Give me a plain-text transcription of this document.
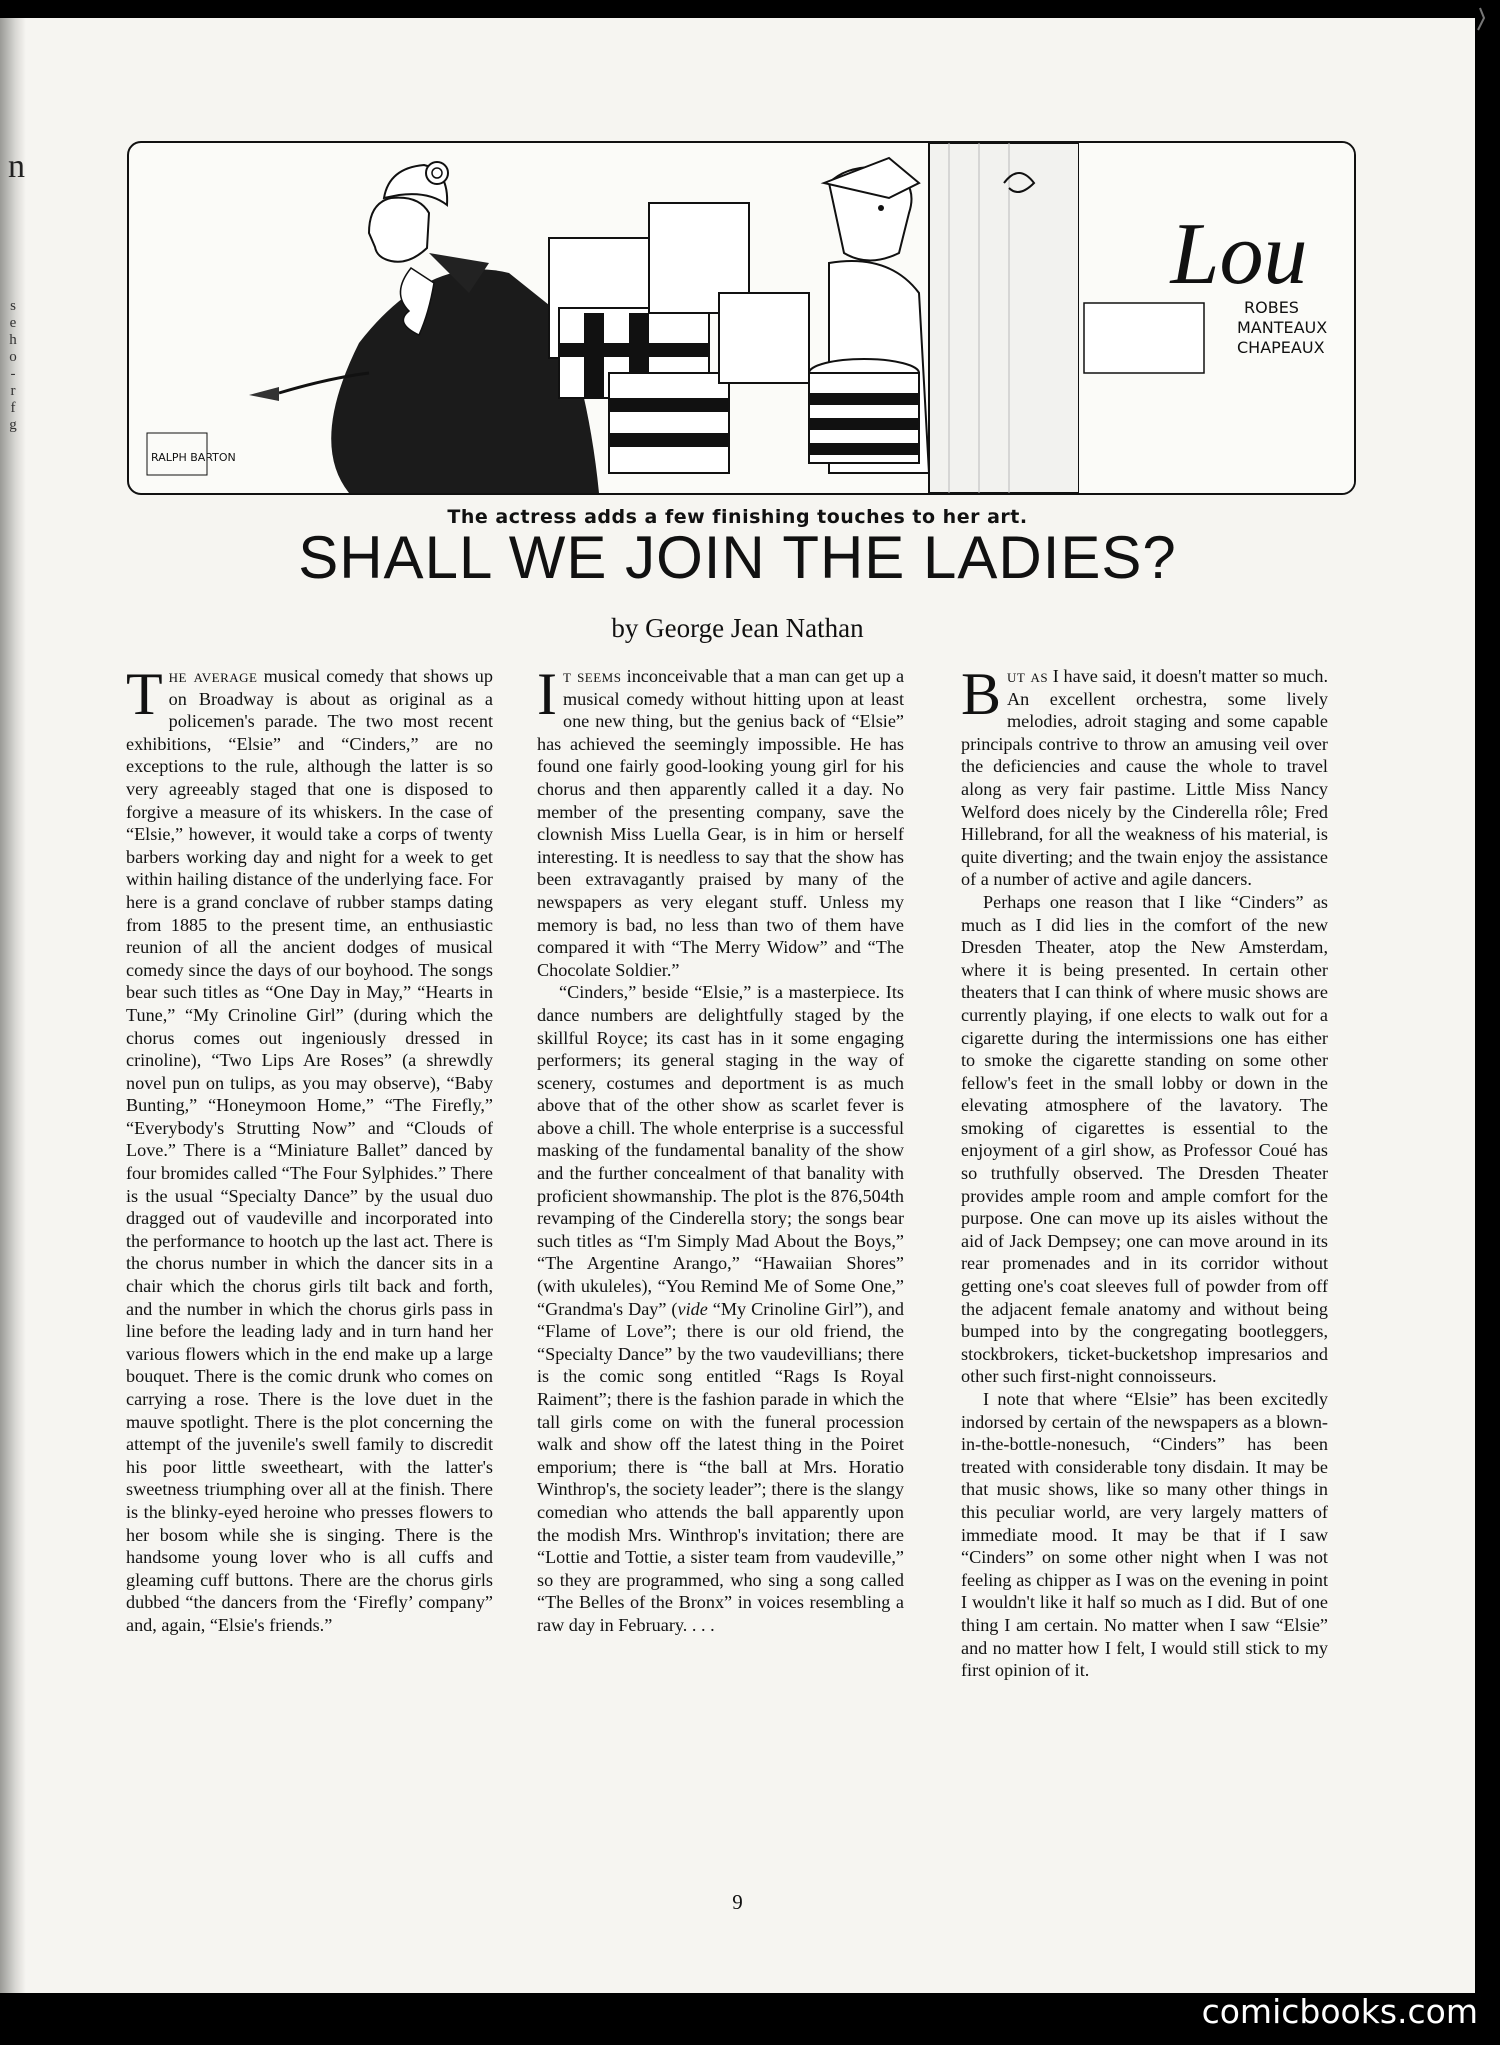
n
s
e
h
o
-
r
f
g
Lou
ROBES
MANTEAUX
CHAPEAUX
RALPH BARTON
The actress adds a few finishing touches to her art.
SHALL WE JOIN THE LADIES?
by George Jean Nathan

The average musical comedy that shows up on Broadway is about as original as a policemen's parade. The two most recent exhibitions, “Elsie” and “Cinders,” are no exceptions to the rule, although the latter is so very agreeably staged that one is disposed to forgive a measure of its whiskers. In the case of “Elsie,” however, it would take a corps of twenty barbers working day and night for a week to get within hailing distance of the underlying face. For here is a grand conclave of rubber stamps dating from 1885 to the present time, an enthusiastic reunion of all the ancient dodges of musical comedy since the days of our boyhood. The songs bear such titles as “One Day in May,” “Hearts in Tune,” “My Crinoline Girl” (during which the chorus comes out ingeniously dressed in crinoline), “Two Lips Are Roses” (a shrewdly novel pun on tulips, as you may observe), “Baby Bunting,” “Honeymoon Home,” “The Firefly,” “Everybody's Strutting Now” and “Clouds of Love.” There is a “Miniature Ballet” danced by four bromides called “The Four Sylphides.” There is the usual “Specialty Dance” by the usual duo dragged out of vaudeville and incorporated into the performance to hootch up the last act. There is the chorus number in which the dancer sits in a chair which the chorus girls tilt back and forth, and the number in which the chorus girls pass in line before the leading lady and in turn hand her various flowers which in the end make up a large bouquet. There is the comic drunk who comes on carrying a rose. There is the love duet in the mauve spotlight. There is the plot concerning the attempt of the juvenile's swell family to discredit his poor little sweetheart, with the latter's sweetness triumphing over all at the finish. There is the blinky-eyed heroine who presses flowers to her bosom while she is singing. There is the handsome young lover who is all cuffs and gleaming cuff buttons. There are the chorus girls dubbed “the dancers from the ‘Firefly’ company” and, again, “Elsie's friends.”

It seems inconceivable that a man can get up a musical comedy without hitting upon at least one new thing, but the genius back of “Elsie” has achieved the seemingly impossible. He has found one fairly good-looking young girl for his chorus and then apparently called it a day. No member of the presenting company, save the clownish Miss Luella Gear, is in him or herself interesting. It is needless to say that the show has been extravagantly praised by many of the newspapers as very elegant stuff. Unless my memory is bad, no less than two of them have compared it with “The Merry Widow” and “The Chocolate Soldier.”

“Cinders,” beside “Elsie,” is a masterpiece. Its dance numbers are delightfully staged by the skillful Royce; its cast has in it some engaging performers; its general staging in the way of scenery, costumes and deportment is as much above that of the other show as scarlet fever is above a chill. The whole enterprise is a successful masking of the fundamental banality of the show and the further concealment of that banality with proficient showmanship. The plot is the 876,504th revamping of the Cinderella story; the songs bear such titles as “I'm Simply Mad About the Boys,” “The Argentine Arango,” “Hawaiian Shores” (with ukuleles), “You Remind Me of Some One,” “Grandma's Day” (vide “My Crinoline Girl”), and “Flame of Love”; there is our old friend, the “Specialty Dance” by the two vaudevillians; there is the comic song entitled “Rags Is Royal Raiment”; there is the fashion parade in which the tall girls come on with the funeral procession walk and show off the latest thing in the Poiret emporium; there is “the ball at Mrs. Horatio Winthrop's, the society leader”; there is the slangy comedian who attends the ball apparently upon the modish Mrs. Winthrop's invitation; there are “Lottie and Tottie, a sister team from vaudeville,” so they are programmed, who sing a song called “The Belles of the Bronx” in voices resembling a raw day in February. . . .

But as I have said, it doesn't matter so much. An excellent orchestra, some lively melodies, adroit staging and some capable principals contrive to throw an amusing veil over the deficiencies and cause the whole to travel along as very fair pastime. Little Miss Nancy Welford does nicely by the Cinderella rôle; Fred Hillebrand, for all the weakness of his material, is quite diverting; and the twain enjoy the assistance of a number of active and agile dancers.

Perhaps one reason that I like “Cinders” as much as I did lies in the comfort of the new Dresden Theater, atop the New Amsterdam, where it is being presented. In certain other theaters that I can think of where music shows are currently playing, if one elects to walk out for a cigarette during the intermissions one has either to smoke the cigarette standing on some other fellow's feet in the small lobby or down in the elevating atmosphere of the lavatory. The smoking of cigarettes is essential to the enjoyment of a girl show, as Professor Coué has so truthfully observed. The Dresden Theater provides ample room and ample comfort for the purpose. One can move up its aisles without the aid of Jack Dempsey; one can move around in its rear promenades and in its corridor without getting one's coat sleeves full of powder from off the adjacent female anatomy and without being bumped into by the congregating bootleggers, stockbrokers, ticket-bucketshop impresarios and other such first-night connoisseurs.

I note that where “Elsie” has been excitedly indorsed by certain of the newspapers as a blown-in-the-bottle-nonesuch, “Cinders” has been treated with considerable tony disdain. It may be that music shows, like so many other things in this peculiar world, are very largely matters of immediate mood. It may be that if I saw “Cinders” on some other night when I was not feeling as chipper as I was on the evening in point I wouldn't like it half so much as I did. But of one thing I am certain. No matter when I saw “Elsie” and no matter how I felt, I would still stick to my first opinion of it.

9
comicbooks.com
